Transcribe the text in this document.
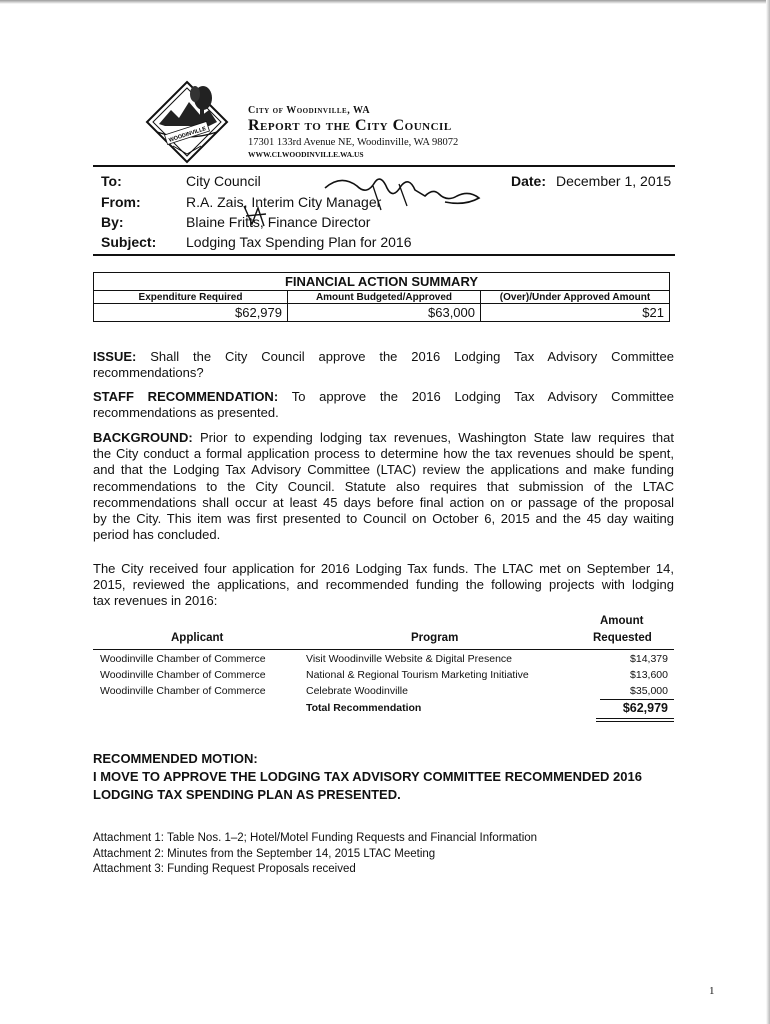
WOODINVILLE
City of Woodinville, WA
Report to the City Council
17301 133rd Avenue NE, Woodinville, WA 98072
WWW.CI.WOODINVILLE.WA.US
To:	City Council
From:	R.A. Zais, Interim City Manager
By:	Blaine Fritts, Finance Director
Subject: Lodging Tax Spending Plan for 2016
Date: December 1, 2015
FINANCIAL ACTION SUMMARY
Expenditure Required	Amount Budgeted/Approved	(Over)/Under Approved Amount
$62,979	$63,000	$21
ISSUE: Shall the City Council approve the 2016 Lodging Tax Advisory Committee
recommendations?
STAFF RECOMMENDATION: To approve the 2016 Lodging Tax Advisory Committee
recommendations as presented.
BACKGROUND: Prior to expending lodging tax revenues, Washington State law requires that
the City conduct a formal application process to determine how the tax revenues should be spent,
and that the Lodging Tax Advisory Committee (LTAC) review the applications and make funding
recommendations to the City Council. Statute also requires that submission of the LTAC
recommendations shall occur at least 45 days before final action on or passage of the proposal
by the City. This item was first presented to Council on October 6, 2015 and the 45 day waiting
period has concluded.
The City received four application for 2016 Lodging Tax funds. The LTAC met on September 14,
2015, reviewed the applications, and recommended funding the following projects with lodging
tax revenues in 2016:
Applicant	Program
Amount
Requested
Woodinville Chamber of Commerce	Visit Woodinville Website & Digital Presence	$14,379
Woodinville Chamber of Commerce	National & Regional Tourism Marketing Initiative	$13,600
Woodinville Chamber of Commerce	Celebrate Woodinville	$35,000
Total Recommendation	$62,979
RECOMMENDED MOTION:
I MOVE TO APPROVE THE LODGING TAX ADVISORY COMMITTEE RECOMMENDED 2016
LODGING TAX SPENDING PLAN AS PRESENTED.
Attachment 1: Table Nos. 1–2; Hotel/Motel Funding Requests and Financial Information
Attachment 2: Minutes from the September 14, 2015 LTAC Meeting
Attachment 3: Funding Request Proposals received
1
